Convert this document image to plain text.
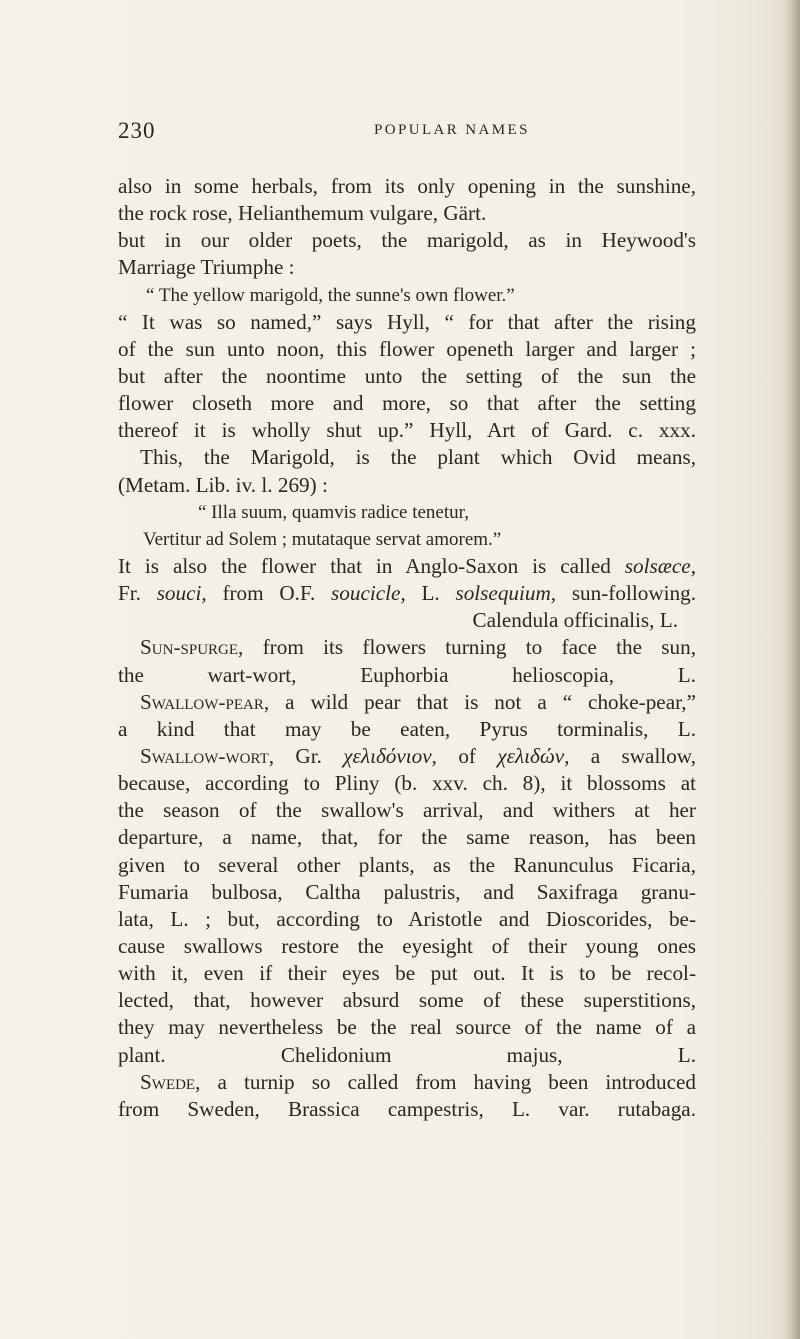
230	POPULAR NAMES
also in some herbals, from its only opening in the sunshine,
the rock rose, Helianthemum vulgare, Gärt.
but in our older poets, the marigold, as in Heywood's
Marriage Triumphe :
“ The yellow marigold, the sunne's own flower.”
“ It was so named,” says Hyll, “ for that after the rising
of the sun unto noon, this flower openeth larger and larger ;
but after the noontime unto the setting of the sun the
flower closeth more and more, so that after the setting
thereof it is wholly shut up.” Hyll, Art of Gard. c. xxx.
This, the Marigold, is the plant which Ovid means,
(Metam. Lib. iv. l. 269) :
“ Illa suum, quamvis radice tenetur,
Vertitur ad Solem ; mutataque servat amorem.”
It is also the flower that in Anglo-Saxon is called solsæce,
Fr. souci, from O.F. soucicle, L. solsequium, sun-following.
Calendula officinalis, L.
Sun-spurge, from its flowers turning to face the sun,
the wart-wort,	Euphorbia helioscopia, L.
Swallow-pear, a wild pear that is not a “ choke-pear,”
a kind that may be eaten, Pyrus torminalis, L.
Swallow-wort, Gr. χελιδόνιον, of χελιδών, a swallow,
because, according to Pliny (b. xxv. ch. 8), it blossoms at
the season of the swallow's arrival, and withers at her
departure, a name, that, for the same reason, has been
given to several other plants, as the Ranunculus Ficaria,
Fumaria bulbosa, Caltha palustris, and Saxifraga granu-
lata, L. ; but, according to Aristotle and Dioscorides, be-
cause swallows restore the eyesight of their young ones
with it, even if their eyes be put out. It is to be recol-
lected, that, however absurd some of these superstitions,
they may nevertheless be the real source of the name of a
plant.	Chelidonium majus, L.
Swede, a turnip so called from having been introduced
from Sweden, Brassica campestris, L. var. rutabaga.
